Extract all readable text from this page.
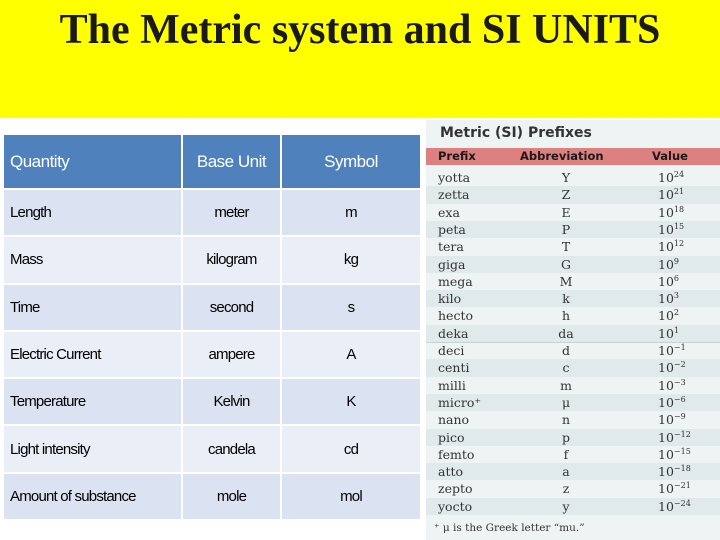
The Metric system and SI UNITS
Quantity	Base Unit	Symbol
Length	meter	m
Mass	kilogram	kg
Time	second	s
Electric Current	ampere	A
Temperature	Kelvin	K
Light intensity	candela	cd
Amount of substance	mole	mol
Metric (SI) Prefixes
Prefix	Abbreviation	Value
yotta	Y	$10^{24}$
zetta	Z	$10^{21}$
exa	E	$10^{18}$
peta	P	$10^{15}$
tera	T	$10^{12}$
giga	G	$10^9$
mega	M	$10^6$
kilo	k	$10^3$
hecto	h	$10^2$
deka	da	$10^1$
deci	d	$10^{-1}$
centi	c	$10^{-2}$
milli	m	$10^{-3}$
micro⁺	μ	$10^{-6}$
nano	n	$10^{-9}$
pico	p	$10^{-12}$
femto	f	$10^{-15}$
atto	a	$10^{-18}$
zepto	z	$10^{-21}$
yocto	y	$10^{-24}$
⁺ μ is the Greek letter “mu.”
